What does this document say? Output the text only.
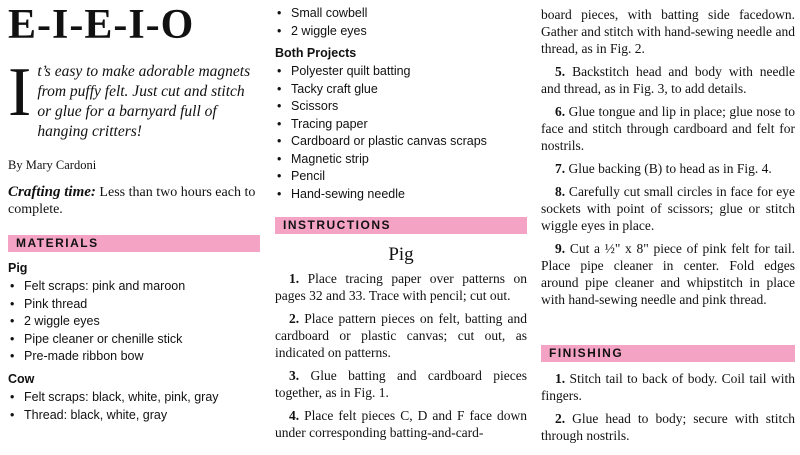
E-I-E-I-O

It’s easy to make adorable magnets from puffy felt. Just cut and stitch or glue for a barnyard full of hanging critters!

By Mary Cardoni
Crafting time: Less than two hours each to complete.
MATERIALS
Pig
• Felt scraps: pink and maroon
• Pink thread
• 2 wiggle eyes
• Pipe cleaner or chenille stick
• Pre-made ribbon bow
Cow
• Felt scraps: black, white, pink, gray
• Thread: black, white, gray
• Small cowbell
• 2 wiggle eyes
Both Projects
• Polyester quilt batting
• Tacky craft glue
• Scissors
• Tracing paper
• Cardboard or plastic canvas scraps
• Magnetic strip
• Pencil
• Hand-sewing needle
INSTRUCTIONS
Pig

1. Place tracing paper over patterns on pages 32 and 33. Trace with pencil; cut out.

2. Place pattern pieces on felt, batting and cardboard or plastic canvas; cut out, as indicated on patterns.

3. Glue batting and cardboard pieces together, as in Fig. 1.

4. Place felt pieces C, D and F face down under corresponding batting-and-card-

board pieces, with batting side facedown. Gather and stitch with hand-sewing needle and thread, as in Fig. 2.

5. Backstitch head and body with needle and thread, as in Fig. 3, to add details.

6. Glue tongue and lip in place; glue nose to face and stitch through cardboard and felt for nostrils.

7. Glue backing (B) to head as in Fig. 4.

8. Carefully cut small circles in face for eye sockets with point of scissors; glue or stitch wiggle eyes in place.

9. Cut a ½" x 8" piece of pink felt for tail. Place pipe cleaner in center. Fold edges around pipe cleaner and whipstitch in place with hand-sewing needle and pink thread.

FINISHING

1. Stitch tail to back of body. Coil tail with fingers.

2. Glue head to body; secure with stitch through nostrils.
